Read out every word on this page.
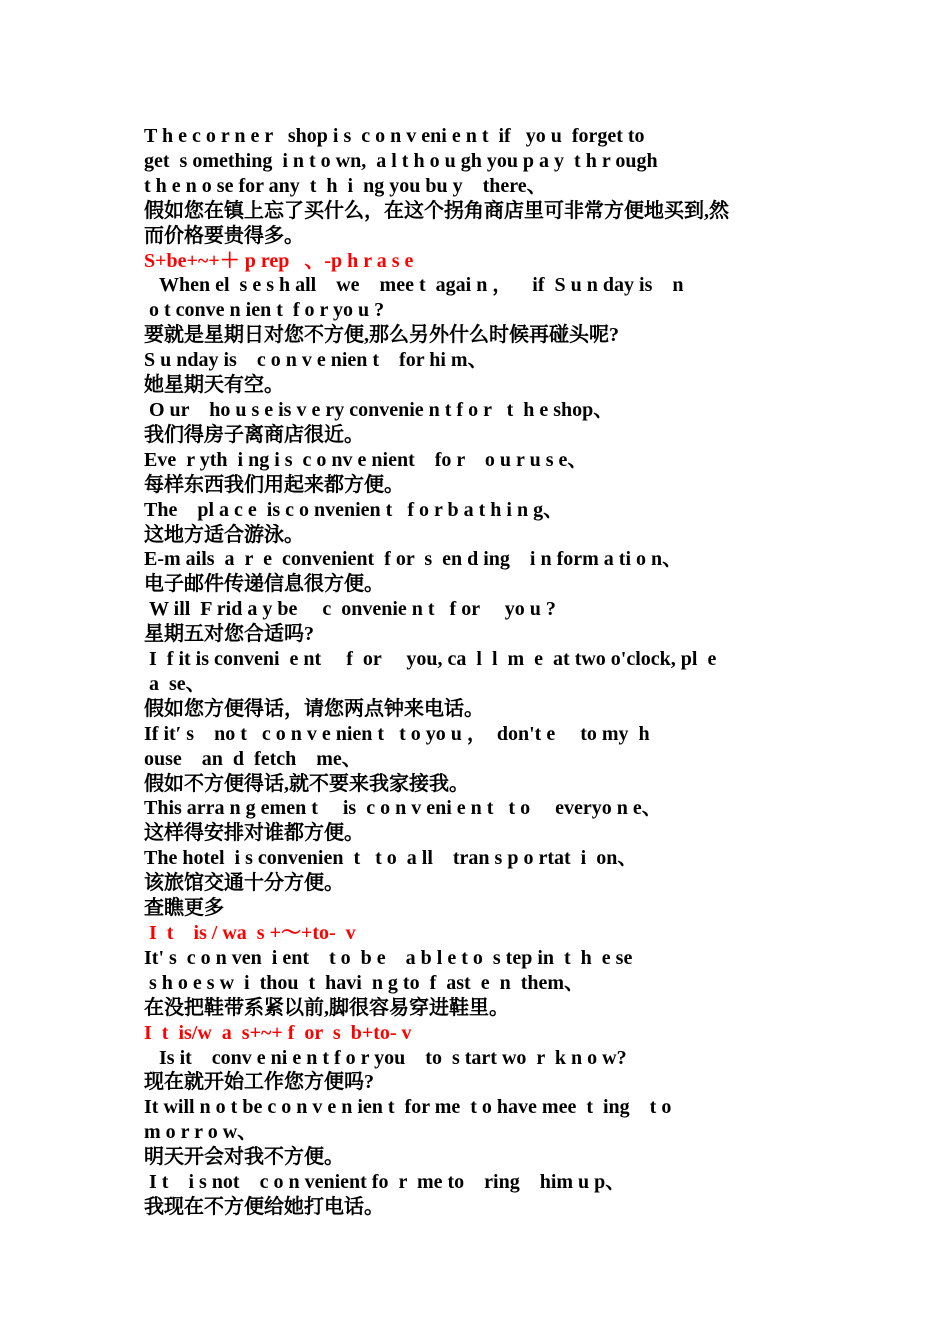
T h e c o r n e r   shop i s  c o n v eni e n t  if   yo u  forget to

get  s omething  i n t o wn,  a l t h o u gh you p a y  t h r ough

t h e n o se for any  t  h  i  ng you bu y    there、

假如您在镇上忘了买什么，在这个拐角商店里可非常方便地买到,然

而价格要贵得多。

S+be+~+＋ p rep   、-p h r a s e

When el  s e s h all    we    mee t  agai n ，    if  S u n day is    n

o t conve n ien t  f o r yo u ?

要就是星期日对您不方便,那么另外什么时候再碰头呢?

S u nday is    c o n v e nien t    for hi m、

她星期天有空。

O ur    ho u s e is v e ry convenie n t f o r   t  h e shop、

我们得房子离商店很近。

Eve  r yth  i ng i s  c o nv e nient    fo r    o u r u s e、

每样东西我们用起来都方便。

The    pl a c e  is c o nvenien t   f o r b a t h i n g、

这地方适合游泳。

E-m ails  a  r  e  convenient  f or  s  en d ing    i n form a ti o n、

电子邮件传递信息很方便。

W ill  F rid a y be     c  onvenie n t   f or     yo u ?

星期五对您合适吗?

I  f it is conveni  e nt     f  or     you, ca  l  l  m  e  at two o'clock, pl  e

a  se、

假如您方便得话，请您两点钟来电话。

If it′ s    no t   c o n v e nien t   t o yo u ，  don't e     to my  h

ouse    an  d  fetch    me、

假如不方便得话,就不要来我家接我。

This arra n g emen t     is  c o n v eni e n t   t o     everyo n e、

这样得安排对谁都方便。

The hotel  i s convenien  t   t o  a ll    tran s p o rtat  i  on、

该旅馆交通十分方便。

查瞧更多

I  t    is / wa  s +～+to-  v

It' s  c o n ven  i ent    t o  b e    a b l e t o  s tep in  t  h  e se

s h o e s w  i  thou  t  havi  n g to  f  ast  e  n  them、

在没把鞋带系紧以前,脚很容易穿进鞋里。

I  t  is/w  a  s+~+ f  or  s  b+to- v

Is it    conv e ni e n t f o r you    to  s tart wo  r  k n o w?

现在就开始工作您方便吗?

It will n o t be c o n v e n ien t  for me  t o have mee  t  ing    t o

m o r r o w、

明天开会对我不方便。

I t    i s not    c o n venient fo  r  me to    ring    him u p、

我现在不方便给她打电话。
